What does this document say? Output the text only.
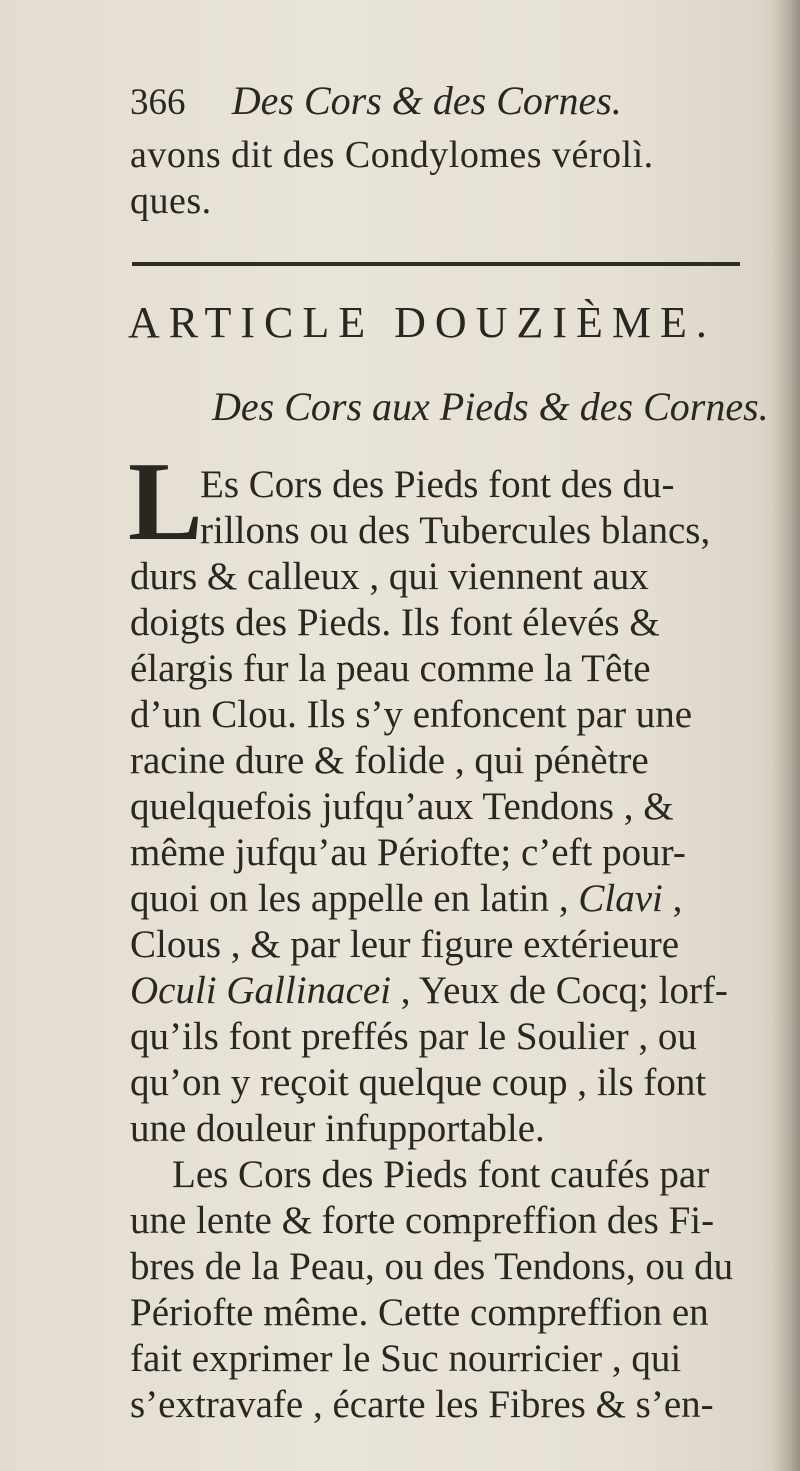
366 Des Cors & des Cornes.
avons dit des Condylomes vérolì.
ques.
ARTICLE DOUZIÈME.
Des Cors aux Pieds & des Cornes.
L
Es Cors des Pieds font des du-
rillons ou des Tubercules blancs,
durs & calleux , qui viennent aux
doigts des Pieds. Ils font élevés &
élargis fur la peau comme la Tête
d’un Clou. Ils s’y enfoncent par une
racine dure & folide , qui pénètre
quelquefois jufqu’aux Tendons , &
même jufqu’au Périofte; c’eft pour-
quoi on les appelle en latin , Clavi ,
Clous , & par leur figure extérieure
Oculi Gallinacei , Yeux de Cocq; lorf-
qu’ils font preffés par le Soulier , ou
qu’on y reçoit quelque coup , ils font
une douleur infupportable.
Les Cors des Pieds font caufés par
une lente & forte compreffion des Fi-
bres de la Peau, ou des Tendons, ou du
Périofte même. Cette compreffion en
fait exprimer le Suc nourricier , qui
s’extravafe , écarte les Fibres & s’en-
